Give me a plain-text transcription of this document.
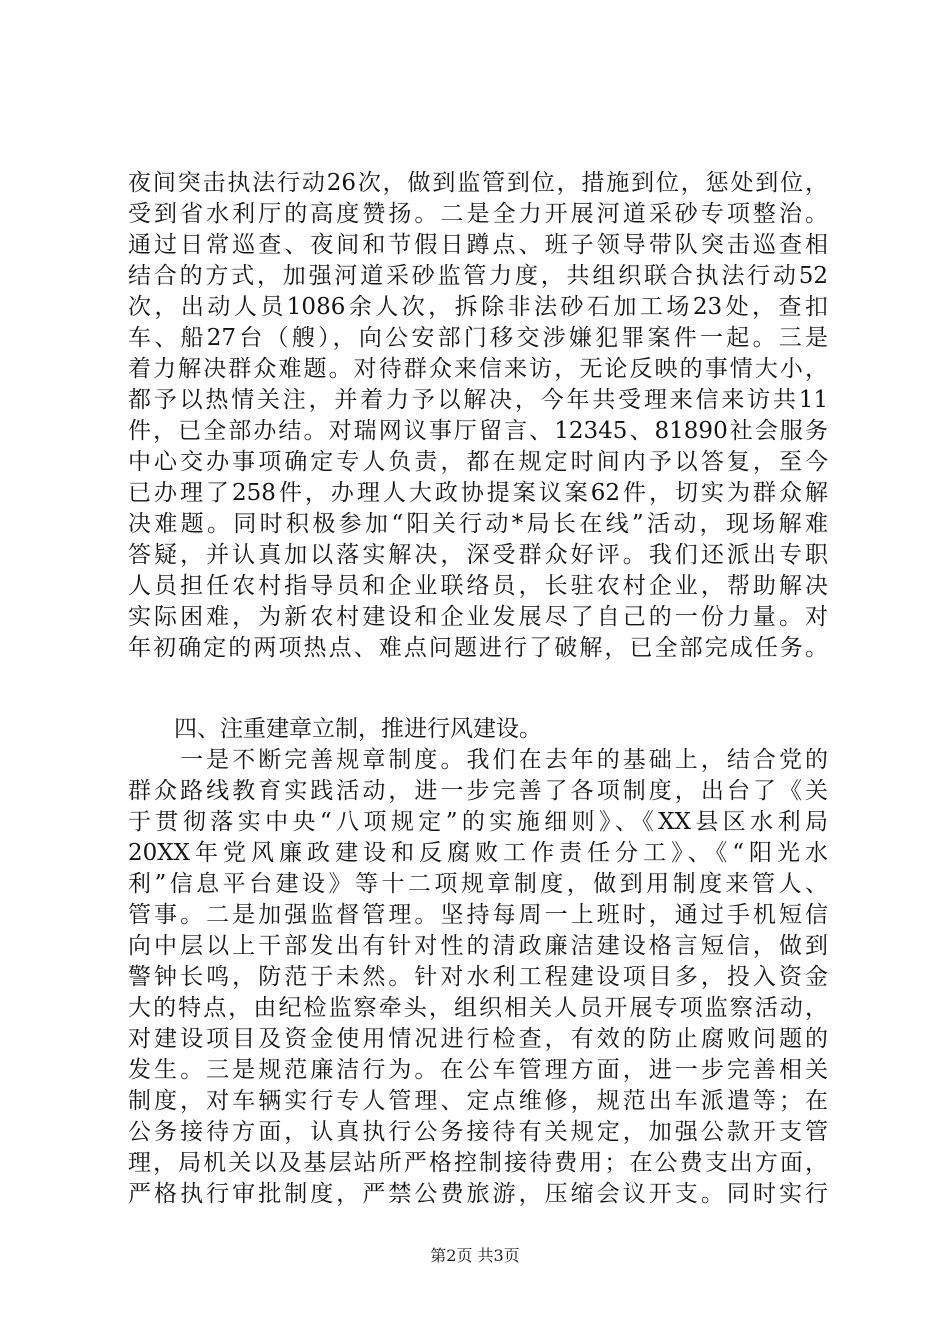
夜间突击执法行动26次，做到监管到位，措施到位，惩处到位，
受到省水利厅的高度赞扬。二是全力开展河道采砂专项整治。
通过日常巡查、夜间和节假日蹲点、班子领导带队突击巡查相
结合的方式，加强河道采砂监管力度，共组织联合执法行动52
次，出动人员1086余人次，拆除非法砂石加工场23处，查扣
车、船27台（艘），向公安部门移交涉嫌犯罪案件一起。三是
着力解决群众难题。对待群众来信来访，无论反映的事情大小，
都予以热情关注，并着力予以解决，今年共受理来信来访共11
件，已全部办结。对瑞网议事厅留言、12345、81890社会服务
中心交办事项确定专人负责，都在规定时间内予以答复，至今
已办理了258件，办理人大政协提案议案62件，切实为群众解
决难题。同时积极参加“阳关行动*局长在线”活动，现场解难
答疑，并认真加以落实解决，深受群众好评。我们还派出专职
人员担任农村指导员和企业联络员，长驻农村企业，帮助解决
实际困难，为新农村建设和企业发展尽了自己的一份力量。对
年初确定的两项热点、难点问题进行了破解，已全部完成任务。
　　四、注重建章立制，推进行风建设。
　　一是不断完善规章制度。我们在去年的基础上，结合党的
群众路线教育实践活动，进一步完善了各项制度，出台了《关
于贯彻落实中央“八项规定”的实施细则》、《XX县区水利局
20XX年党风廉政建设和反腐败工作责任分工》、《“阳光水
利”信息平台建设》等十二项规章制度，做到用制度来管人、
管事。二是加强监督管理。坚持每周一上班时，通过手机短信
向中层以上干部发出有针对性的清政廉洁建设格言短信，做到
警钟长鸣，防范于未然。针对水利工程建设项目多，投入资金
大的特点，由纪检监察牵头，组织相关人员开展专项监察活动，
对建设项目及资金使用情况进行检查，有效的防止腐败问题的
发生。三是规范廉洁行为。在公车管理方面，进一步完善相关
制度，对车辆实行专人管理、定点维修，规范出车派遣等；在
公务接待方面，认真执行公务接待有关规定，加强公款开支管
理，局机关以及基层站所严格控制接待费用；在公费支出方面，
严格执行审批制度，严禁公费旅游，压缩会议开支。同时实行
第2页 共3页
